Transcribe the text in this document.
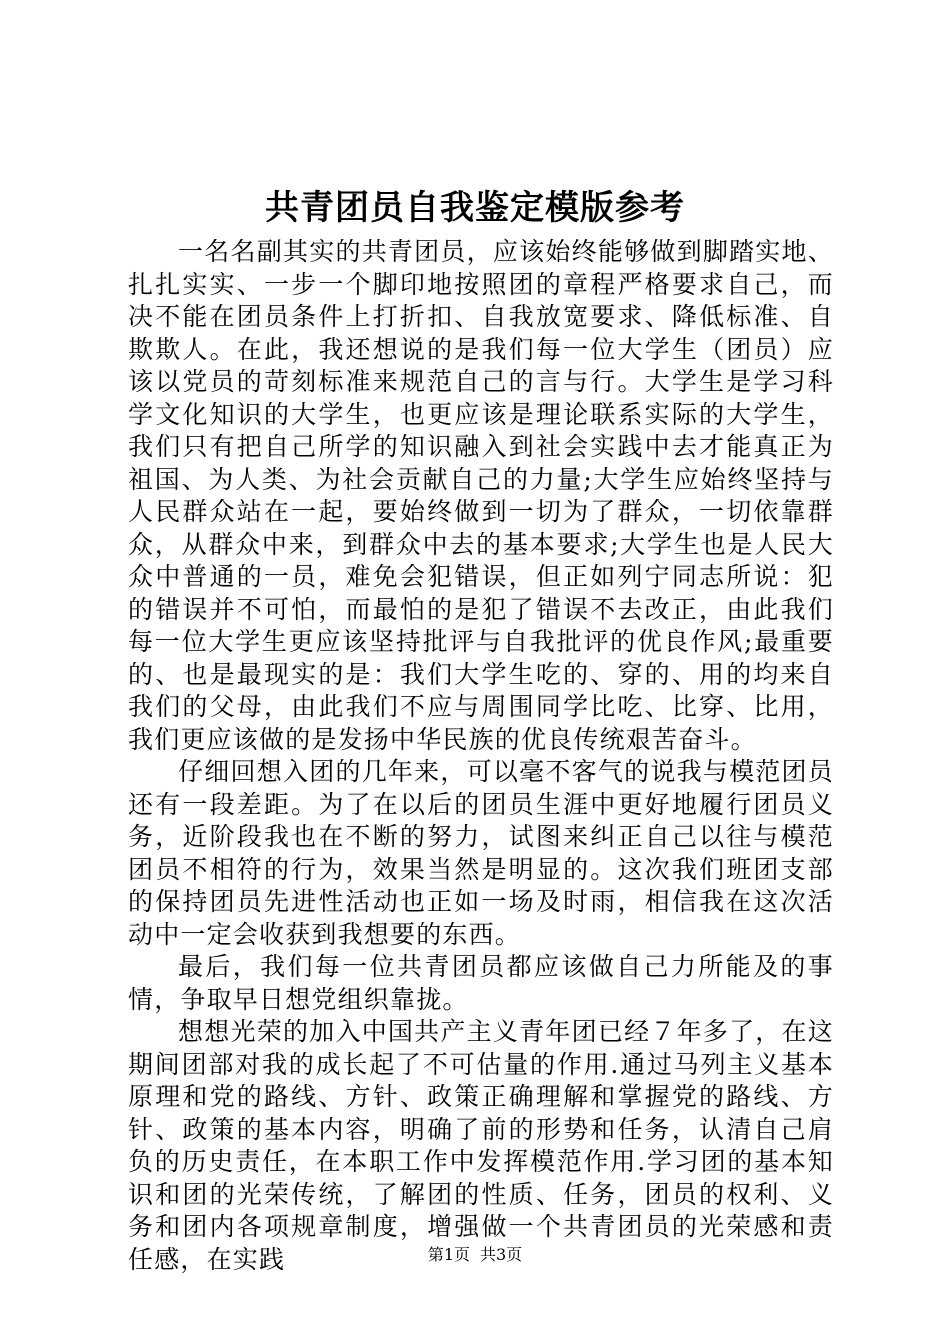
共青团员自我鉴定模版参考

一名名副其实的共青团员，应该始终能够做到脚踏实地、扎扎实实、一步一个脚印地按照团的章程严格要求自己，而决不能在团员条件上打折扣、自我放宽要求、降低标准、自欺欺人。在此，我还想说的是我们每一位大学生（团员）应该以党员的苛刻标准来规范自己的言与行。大学生是学习科学文化知识的大学生，也更应该是理论联系实际的大学生，我们只有把自己所学的知识融入到社会实践中去才能真正为祖国、为人类、为社会贡献自己的力量;大学生应始终坚持与人民群众站在一起，要始终做到一切为了群众，一切依靠群众，从群众中来，到群众中去的基本要求;大学生也是人民大众中普通的一员，难免会犯错误，但正如列宁同志所说：犯的错误并不可怕，而最怕的是犯了错误不去改正，由此我们每一位大学生更应该坚持批评与自我批评的优良作风;最重要的、也是最现实的是：我们大学生吃的、穿的、用的均来自我们的父母，由此我们不应与周围同学比吃、比穿、比用，我们更应该做的是发扬中华民族的优良传统艰苦奋斗。

仔细回想入团的几年来，可以毫不客气的说我与模范团员还有一段差距。为了在以后的团员生涯中更好地履行团员义务，近阶段我也在不断的努力，试图来纠正自己以往与模范团员不相符的行为，效果当然是明显的。这次我们班团支部的保持团员先进性活动也正如一场及时雨，相信我在这次活动中一定会收获到我想要的东西。

最后，我们每一位共青团员都应该做自己力所能及的事情，争取早日想党组织靠拢。

想想光荣的加入中国共产主义青年团已经７年多了，在这期间团部对我的成长起了不可估量的作用.通过马列主义基本原理和党的路线、方针、政策正确理解和掌握党的路线、方针、政策的基本内容，明确了前的形势和任务，认清自己肩负的历史责任，在本职工作中发挥模范作用.学习团的基本知识和团的光荣传统，了解团的性质、任务，团员的权利、义务和团内各项规章制度，增强做一个共青团员的光荣感和责任感，在实践	第1页 共3页
